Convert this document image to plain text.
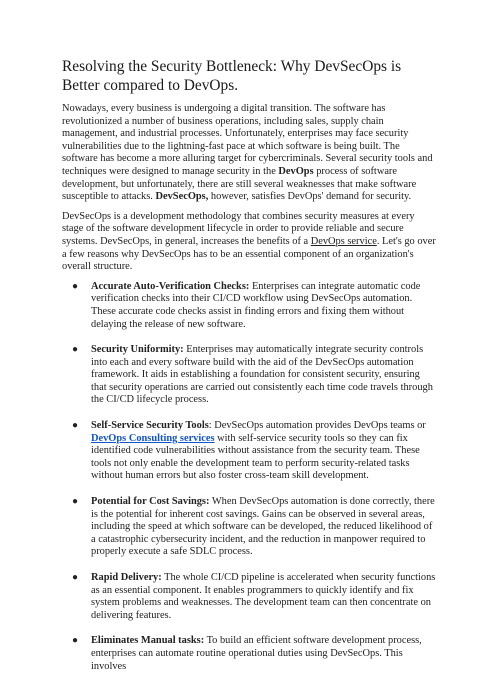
Resolving the Security Bottleneck: Why DevSecOps is Better compared to DevOps.

Nowadays, every business is undergoing a digital transition. The software has revolutionized a number of business operations, including sales, supply chain management, and industrial processes. Unfortunately, enterprises may face security vulnerabilities due to the lightning-fast pace at which software is being built. The software has become a more alluring target for cybercriminals. Several security tools and techniques were designed to manage security in the DevOps process of software development, but unfortunately, there are still several weaknesses that make software susceptible to attacks. DevSecOps, however, satisfies DevOps' demand for security.

DevSecOps is a development methodology that combines security measures at every stage of the software development lifecycle in order to provide reliable and secure systems. DevSecOps, in general, increases the benefits of a DevOps service. Let's go over a few reasons why DevSecOps has to be an essential component of an organization's overall structure.

● Accurate Auto-Verification Checks: Enterprises can integrate automatic code verification checks into their CI/CD workflow using DevSecOps automation. These accurate code checks assist in finding errors and fixing them without delaying the release of new software.
● Security Uniformity: Enterprises may automatically integrate security controls into each and every software build with the aid of the DevSecOps automation framework. It aids in establishing a foundation for consistent security, ensuring that security operations are carried out consistently each time code travels through the CI/CD lifecycle process.
● Self-Service Security Tools: DevSecOps automation provides DevOps teams or DevOps Consulting services with self-service security tools so they can fix identified code vulnerabilities without assistance from the security team. These tools not only enable the development team to perform security-related tasks without human errors but also foster cross-team skill development.
● Potential for Cost Savings: When DevSecOps automation is done correctly, there is the potential for inherent cost savings. Gains can be observed in several areas, including the speed at which software can be developed, the reduced likelihood of a catastrophic cybersecurity incident, and the reduction in manpower required to properly execute a safe SDLC process.
● Rapid Delivery: The whole CI/CD pipeline is accelerated when security functions as an essential component. It enables programmers to quickly identify and fix system problems and weaknesses. The development team can then concentrate on delivering features.
● Eliminates Manual tasks: To build an efficient software development process, enterprises can automate routine operational duties using DevSecOps. This involves
